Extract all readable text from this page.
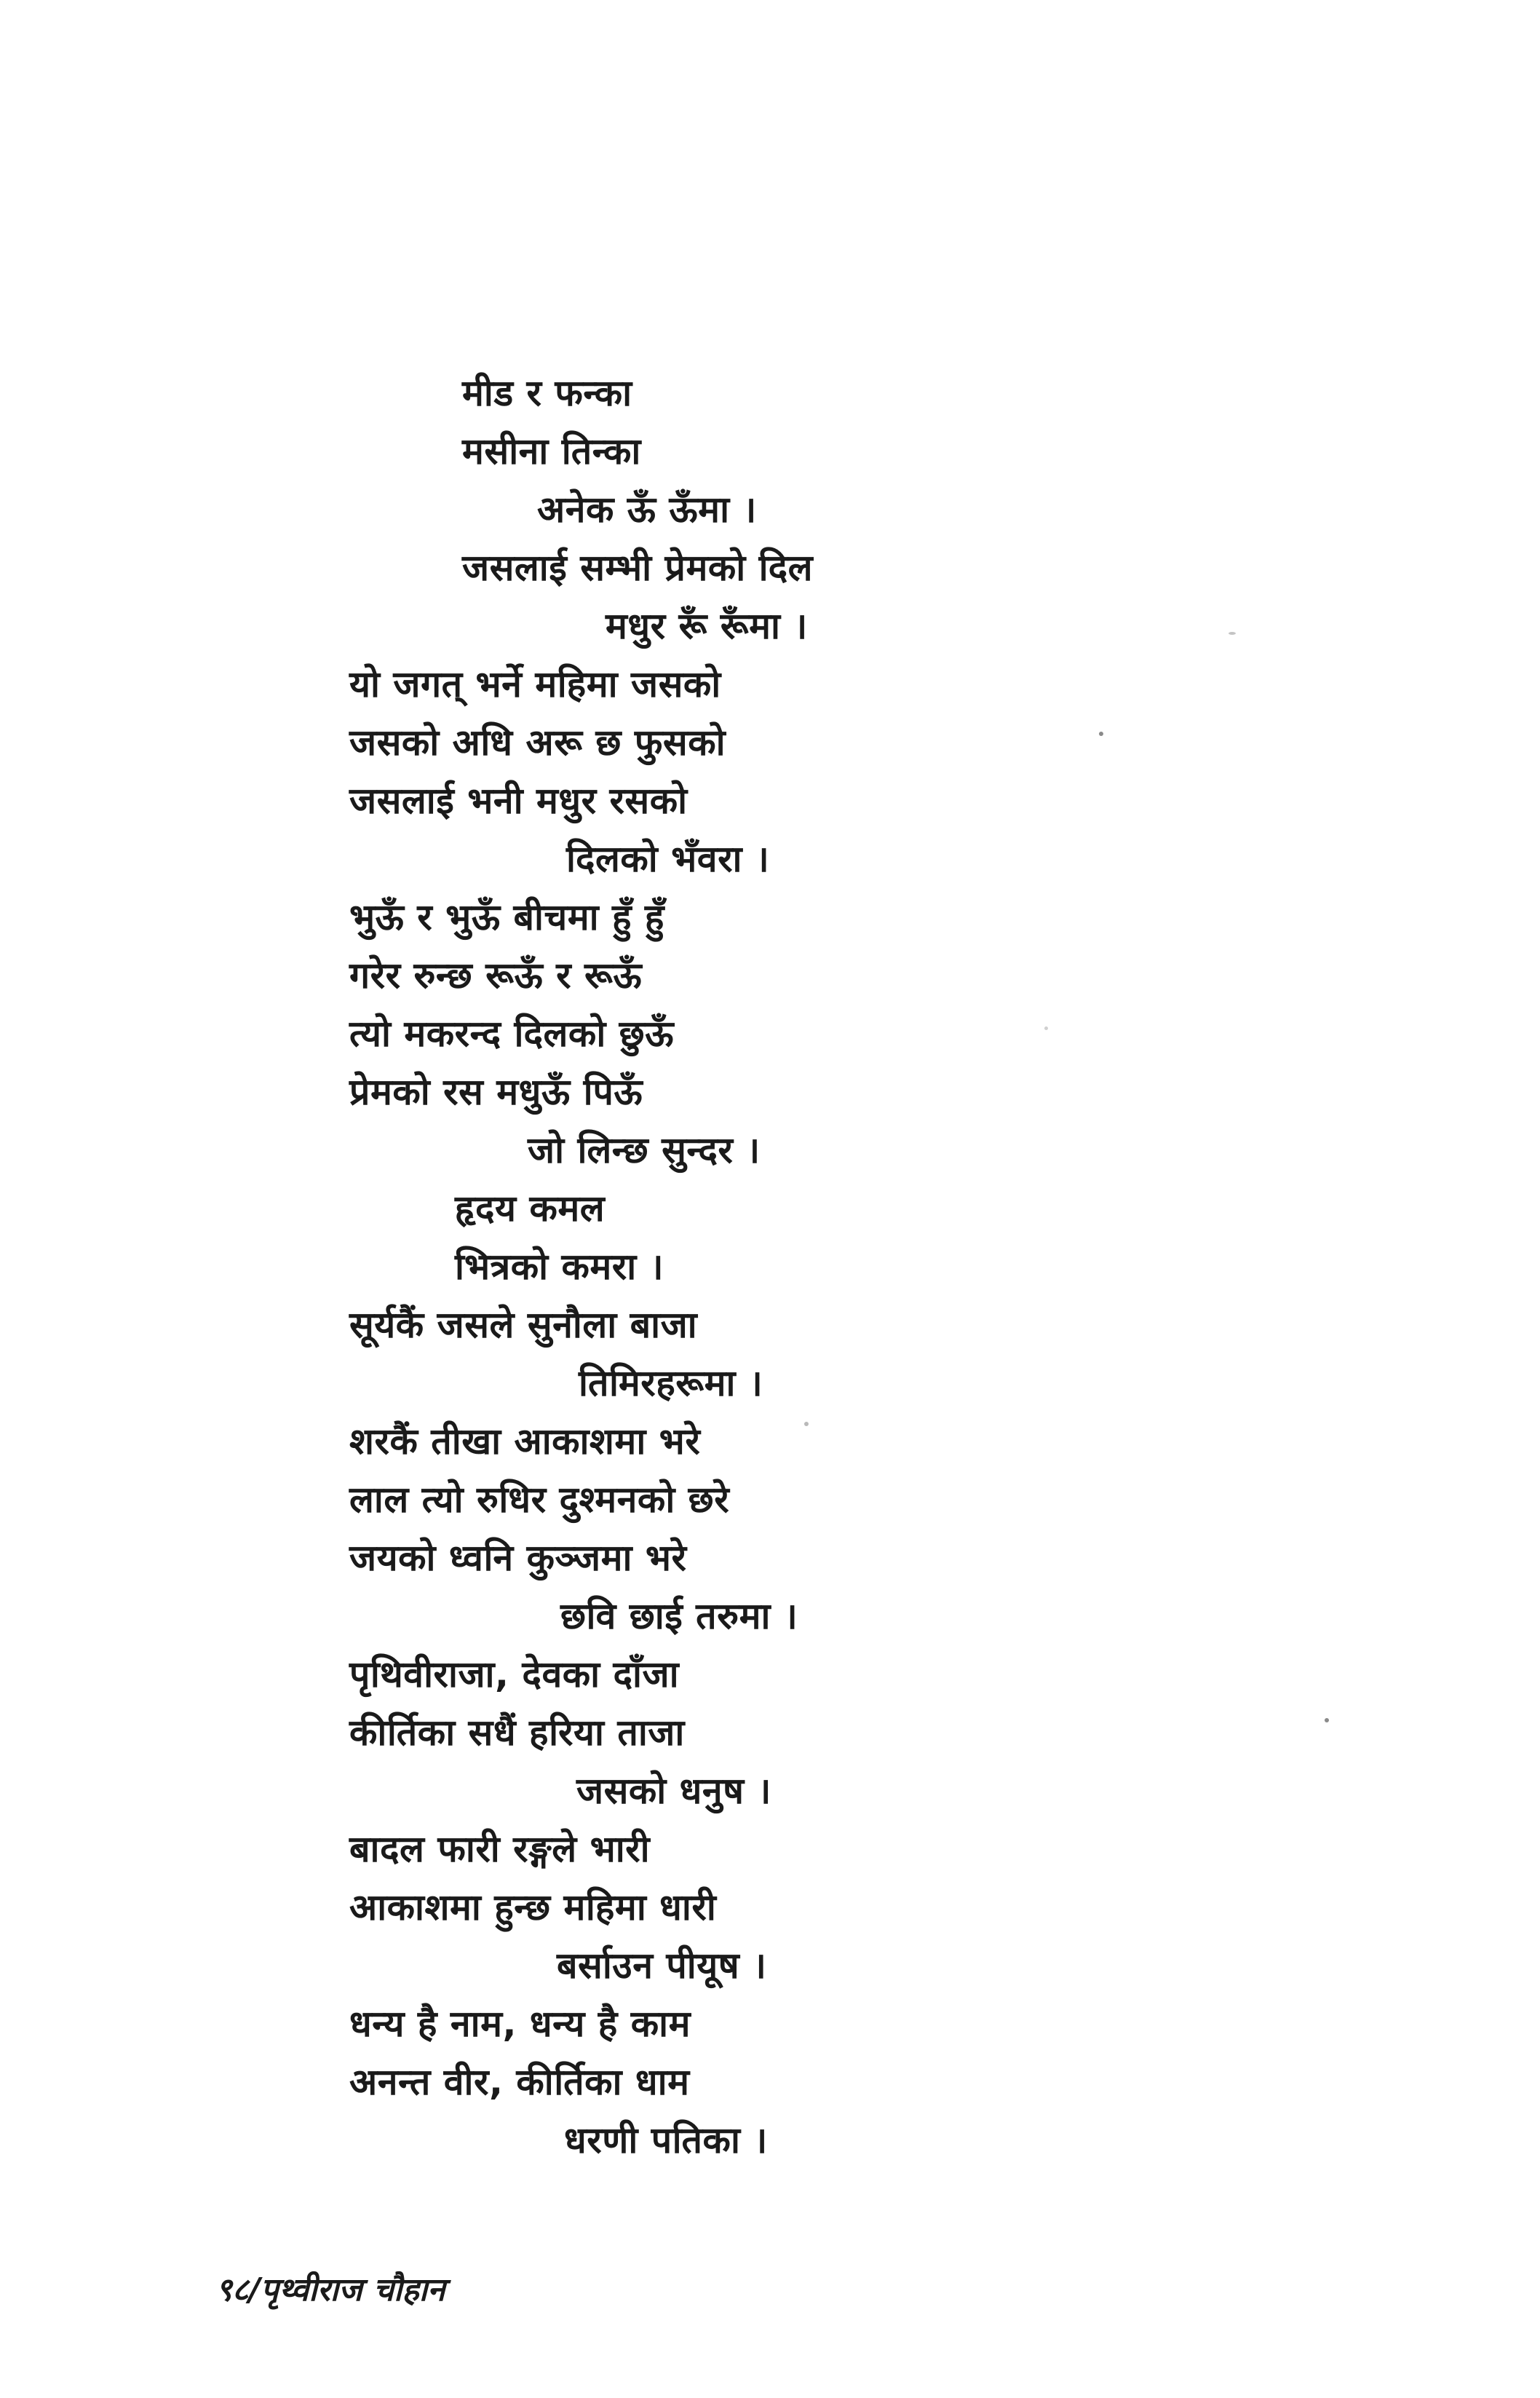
मीड र फन्का
मसीना तिन्का
अनेक ऊँ ऊँमा ।
जसलाई सम्भी प्रेमको दिल
मधुर रूँ रूँमा ।
यो जगत् भर्ने महिमा जसको
जसको अधि अरू छ फुसको
जसलाई भनी मधुर रसको
दिलको भँवरा ।
भुऊँ र भुऊँ बीचमा हुँ हुँ
गरेर रुन्छ रूऊँ र रूऊँ
त्यो मकरन्द दिलको छुऊँ
प्रेमको रस मधुऊँ पिऊँ
जो लिन्छ सुन्दर ।
हृदय कमल
भित्रको कमरा ।
सूर्यकैं जसले सुनौला बाजा
तिमिरहरूमा ।
शरकैं तीखा आकाशमा भरे
लाल त्यो रुधिर दुश्मनको छरे
जयको ध्वनि कुञ्जमा भरे
छवि छाई तरुमा ।
पृथिवीराजा, देवका दाँजा
कीर्तिका सधैं हरिया ताजा
जसको धनुष ।
बादल फारी रङ्गले भारी
आकाशमा हुन्छ महिमा धारी
बर्साउन पीयूष ।
धन्य है नाम, धन्य है काम
अनन्त वीर, कीर्तिका धाम
धरणी पतिका ।
९८/पृथ्वीराज चौहान
